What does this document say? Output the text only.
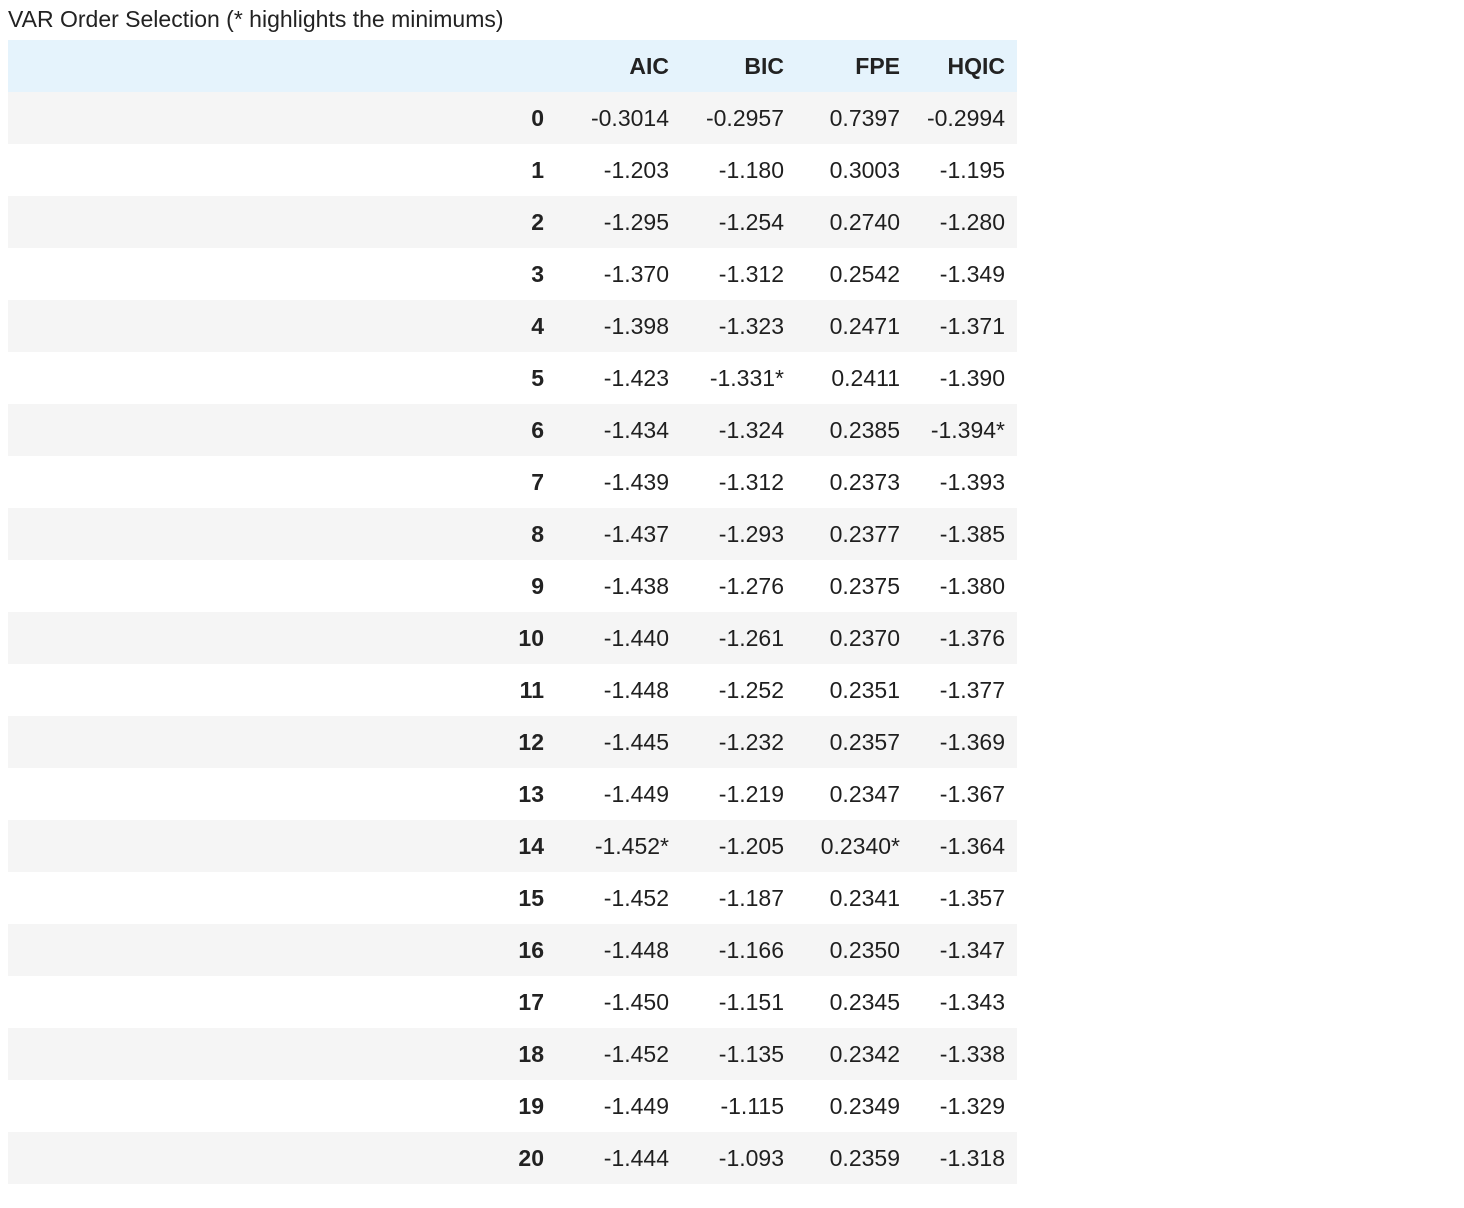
VAR Order Selection (* highlights the minimums)
	AIC	BIC	FPE	HQIC
0	-0.3014	-0.2957	0.7397	-0.2994
1	-1.203	-1.180	0.3003	-1.195
2	-1.295	-1.254	0.2740	-1.280
3	-1.370	-1.312	0.2542	-1.349
4	-1.398	-1.323	0.2471	-1.371
5	-1.423	-1.331*	0.2411	-1.390
6	-1.434	-1.324	0.2385	-1.394*
7	-1.439	-1.312	0.2373	-1.393
8	-1.437	-1.293	0.2377	-1.385
9	-1.438	-1.276	0.2375	-1.380
10	-1.440	-1.261	0.2370	-1.376
11	-1.448	-1.252	0.2351	-1.377
12	-1.445	-1.232	0.2357	-1.369
13	-1.449	-1.219	0.2347	-1.367
14	-1.452*	-1.205	0.2340*	-1.364
15	-1.452	-1.187	0.2341	-1.357
16	-1.448	-1.166	0.2350	-1.347
17	-1.450	-1.151	0.2345	-1.343
18	-1.452	-1.135	0.2342	-1.338
19	-1.449	-1.115	0.2349	-1.329
20	-1.444	-1.093	0.2359	-1.318
